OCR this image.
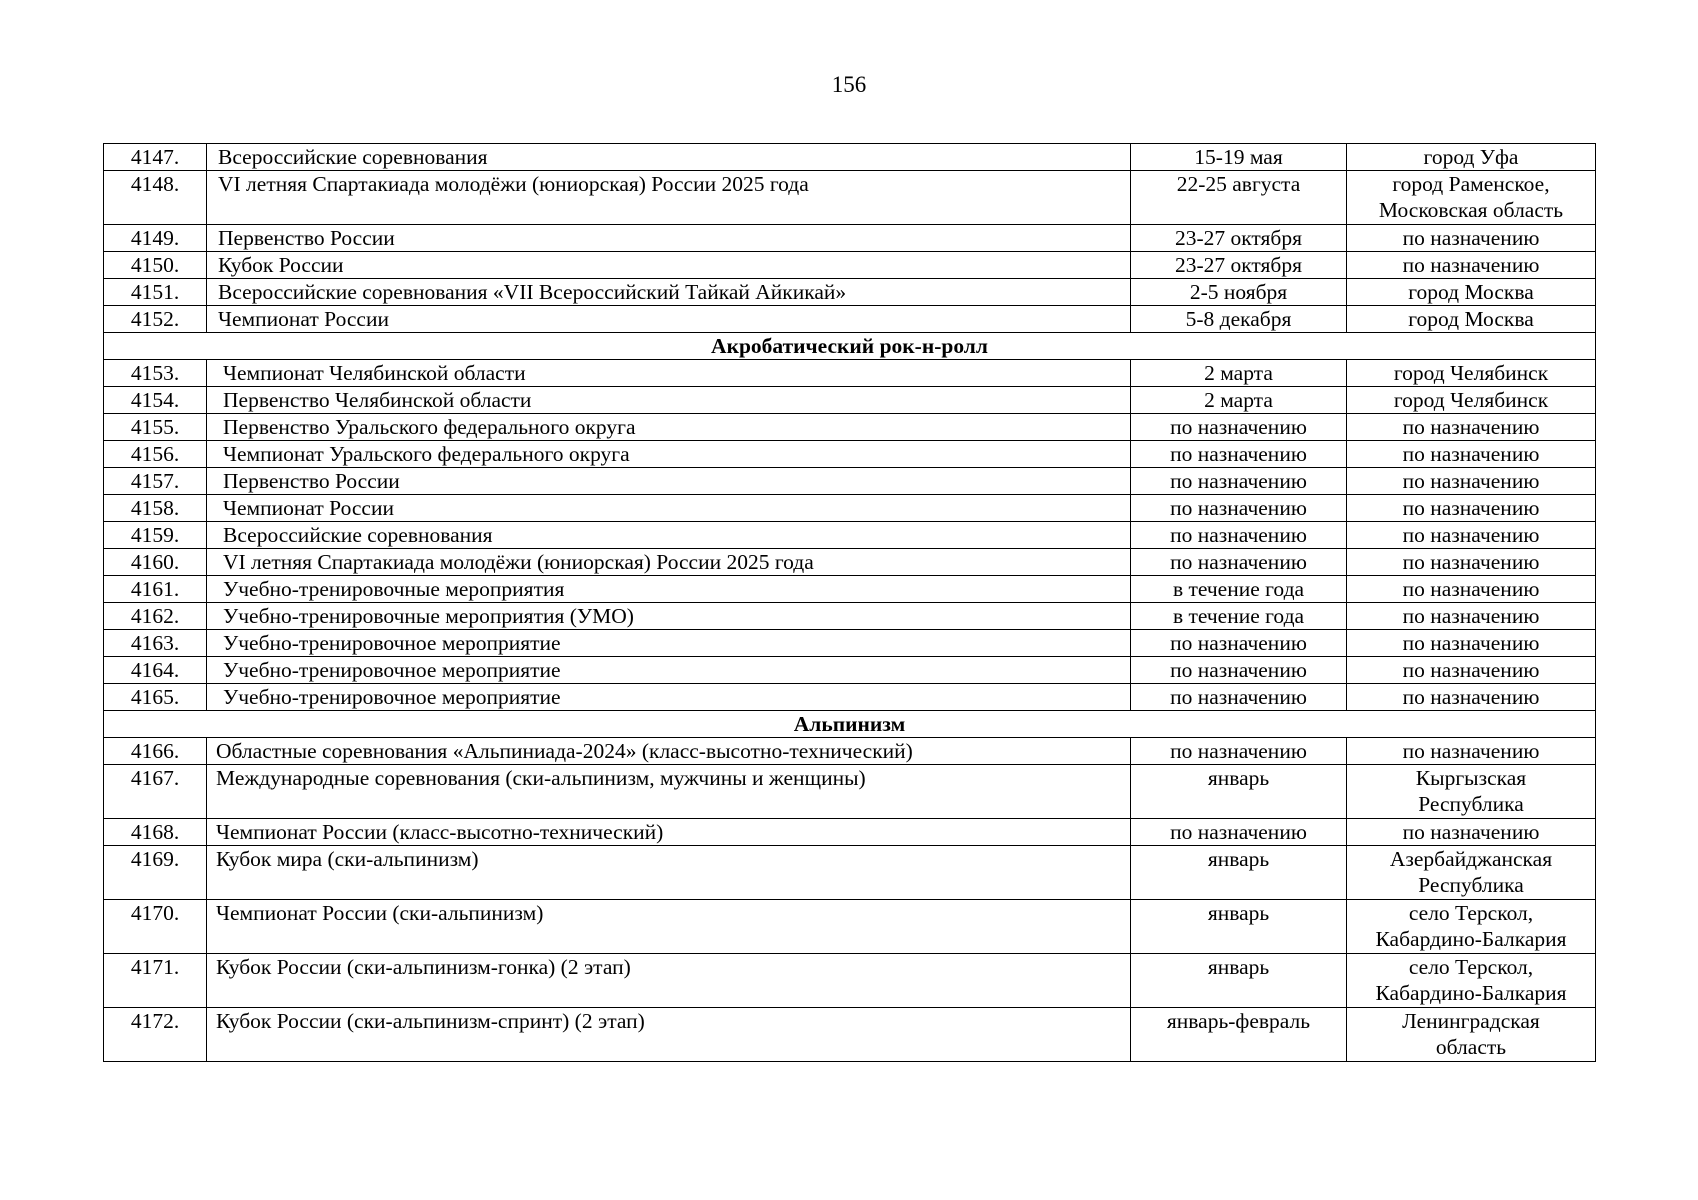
156
4147.	Всероссийские соревнования	15-19 мая	город Уфа
4148.	VI летняя Спартакиада молодёжи (юниорская) России 2025 года	22-25 августа	город Раменское,
Московская область
4149.	Первенство России	23-27 октября	по назначению
4150.	Кубок России	23-27 октября	по назначению
4151.	Всероссийские соревнования «VII Всероссийский Тайкай Айкикай»	2-5 ноября	город Москва
4152.	Чемпионат России	5-8 декабря	город Москва
Акробатический рок-н-ролл			
4153.	Чемпионат Челябинской области	2 марта	город Челябинск
4154.	Первенство Челябинской области	2 марта	город Челябинск
4155.	Первенство Уральского федерального округа	по назначению	по назначению
4156.	Чемпионат Уральского федерального округа	по назначению	по назначению
4157.	Первенство России	по назначению	по назначению
4158.	Чемпионат России	по назначению	по назначению
4159.	Всероссийские соревнования	по назначению	по назначению
4160.	VI летняя Спартакиада молодёжи (юниорская) России 2025 года	по назначению	по назначению
4161.	Учебно-тренировочные мероприятия	в течение года	по назначению
4162.	Учебно-тренировочные мероприятия (УМО)	в течение года	по назначению
4163.	Учебно-тренировочное мероприятие	по назначению	по назначению
4164.	Учебно-тренировочное мероприятие	по назначению	по назначению
4165.	Учебно-тренировочное мероприятие	по назначению	по назначению
Альпинизм			
4166.	Областные соревнования «Альпиниада-2024» (класс-высотно-технический)	по назначению	по назначению
4167.	Международные соревнования (ски-альпинизм, мужчины и женщины)	январь	Кыргызская
Республика
4168.	Чемпионат России (класс-высотно-технический)	по назначению	по назначению
4169.	Кубок мира (ски-альпинизм)	январь	Азербайджанская
Республика
4170.	Чемпионат России (ски-альпинизм)	январь	село Терскол,
Кабардино-Балкария
4171.	Кубок России (ски-альпинизм-гонка) (2 этап)	январь	село Терскол,
Кабардино-Балкария
4172.	Кубок России (ски-альпинизм-спринт) (2 этап)	январь-февраль	Ленинградская
область
